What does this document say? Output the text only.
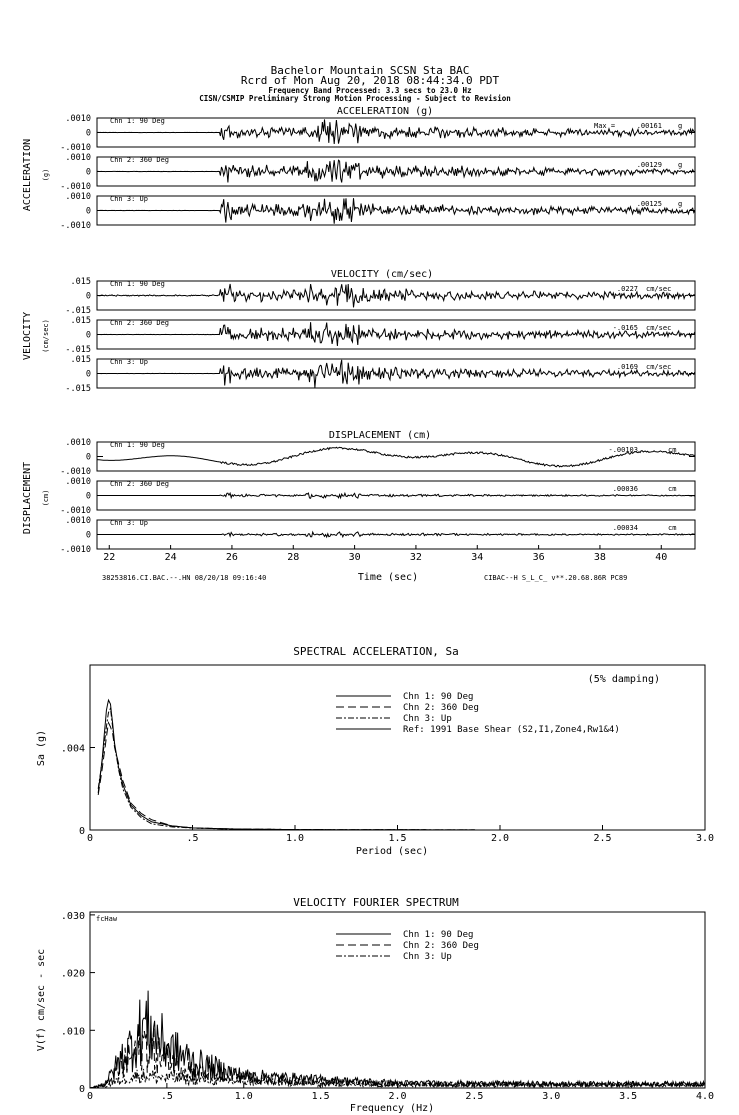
Bachelor Mountain SCSN Sta BAC
Rcrd of Mon Aug 20, 2018 08:44:34.0 PDT
Frequency Band Processed: 3.3 secs to 23.0 Hz
CISN/CSMIP Preliminary Strong Motion Processing - Subject to Revision
ACCELERATION (g)
ACCELERATION (g)
Max =
.0010
0
-.0010
Chn 1: 90 Deg
.00161 g
.0010
0
-.0010
Chn 2: 360 Deg
.00129 g
.0010
0
-.0010
Chn 3: Up
.00125 g
VELOCITY (cm/sec)
VELOCITY (cm/sec)
.015
0
-.015
Chn 1: 90 Deg
.0227 cm/sec
.015
0
-.015
Chn 2: 360 Deg
-.0165 cm/sec
.015
0
-.015
Chn 3: Up
.0169 cm/sec
DISPLACEMENT (cm)
DISPLACEMENT (cm)
Time (sec)
38253816.CI.BAC.--.HN 08/20/18 09:16:40	CIBAC--H S_L_C_ v**.20.68.86R PC89
.0010
0
-.0010
Chn 1: 90 Deg
-.00103	cm
.0010
0
-.0010
Chn 2: 360 Deg
.00036	cm
.0010
0
-.0010
Chn 3: Up
.00034	cm
22	24	26	28	30	32	34	36	38	40
SPECTRAL ACCELERATION, Sa
(5% damping)
Period (sec)
Sa (g)
.5	1.0	1.5	2.0	2.5	3.0
0
0
.004
Chn 1: 90 Deg
Chn 2: 360 Deg
Chn 3: Up
Ref: 1991 Base Shear (S2,I1,Zone4,Rw1&4)
VELOCITY FOURIER SPECTRUM
fcHaw
Frequency (Hz)
V(f) cm/sec - sec
.5	1.0	1.5	2.0	2.5	3.0	3.5	4.0
0
0
.010
.020
.030
Chn 1: 90 Deg
Chn 2: 360 Deg
Chn 3: Up
